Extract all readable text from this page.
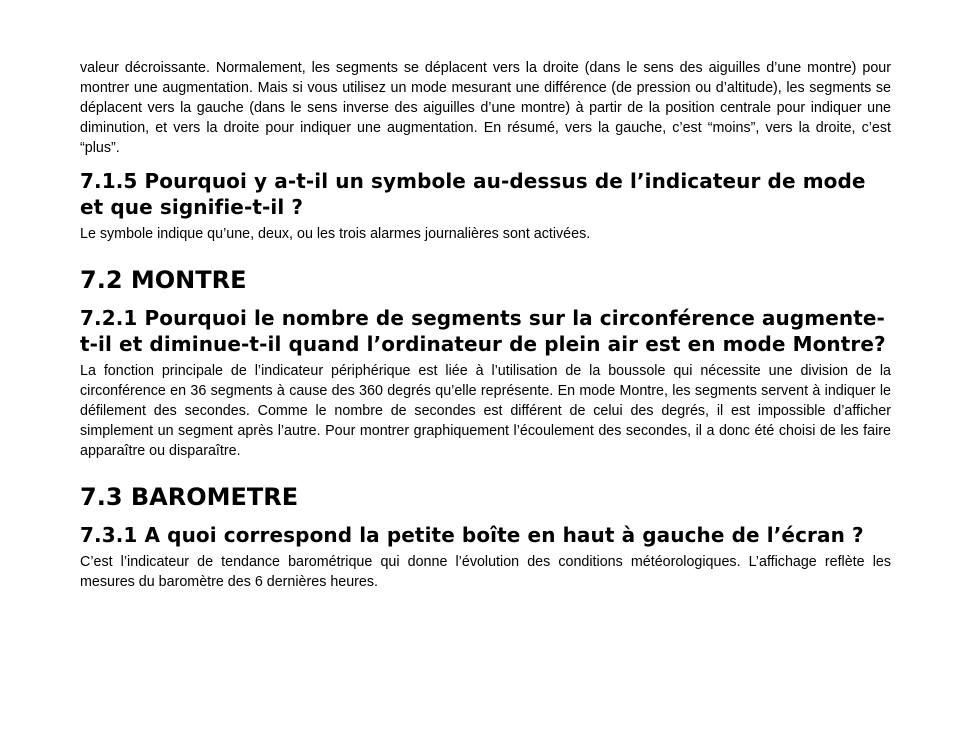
valeur décroissante. Normalement, les segments se déplacent vers la droite (dans le sens des aiguilles d’une montre) pour montrer une augmentation. Mais si vous utilisez un mode mesurant une différence (de pression ou d’altitude), les segments se déplacent vers la gauche (dans le sens inverse des aiguilles d’une montre) à partir de la position centrale pour indiquer une diminution, et vers la droite pour indiquer une augmentation. En résumé, vers la gauche, c’est “moins”, vers la droite, c’est “plus”.

7.1.5 Pourquoi y a-t-il un symbole au-dessus de l’indicateur de mode et que signifie-t-il ?

Le symbole indique qu’une, deux, ou les trois alarmes journalières sont activées.

7.2 MONTRE
7.2.1 Pourquoi le nombre de segments sur la circonférence augmente-t-il et diminue-t-il quand l’ordinateur de plein air est en mode Montre?

La fonction principale de l’indicateur périphérique est liée à l’utilisation de la boussole qui nécessite une division de la circonférence en 36 segments à cause des 360 degrés qu’elle représente. En mode Montre, les segments servent à indiquer le défilement des secondes. Comme le nombre de secondes est différent de celui des degrés, il est impossible d’afficher simplement un segment après l’autre. Pour montrer graphiquement l’écoulement des secondes, il a donc été choisi de les faire apparaître ou disparaître.

7.3 BAROMETRE
7.3.1 A quoi correspond la petite boîte en haut à gauche de l’écran ?

C’est l’indicateur de tendance barométrique qui donne l’évolution des conditions météorologiques. L’affichage reflète les mesures du baromètre des 6 dernières heures.
